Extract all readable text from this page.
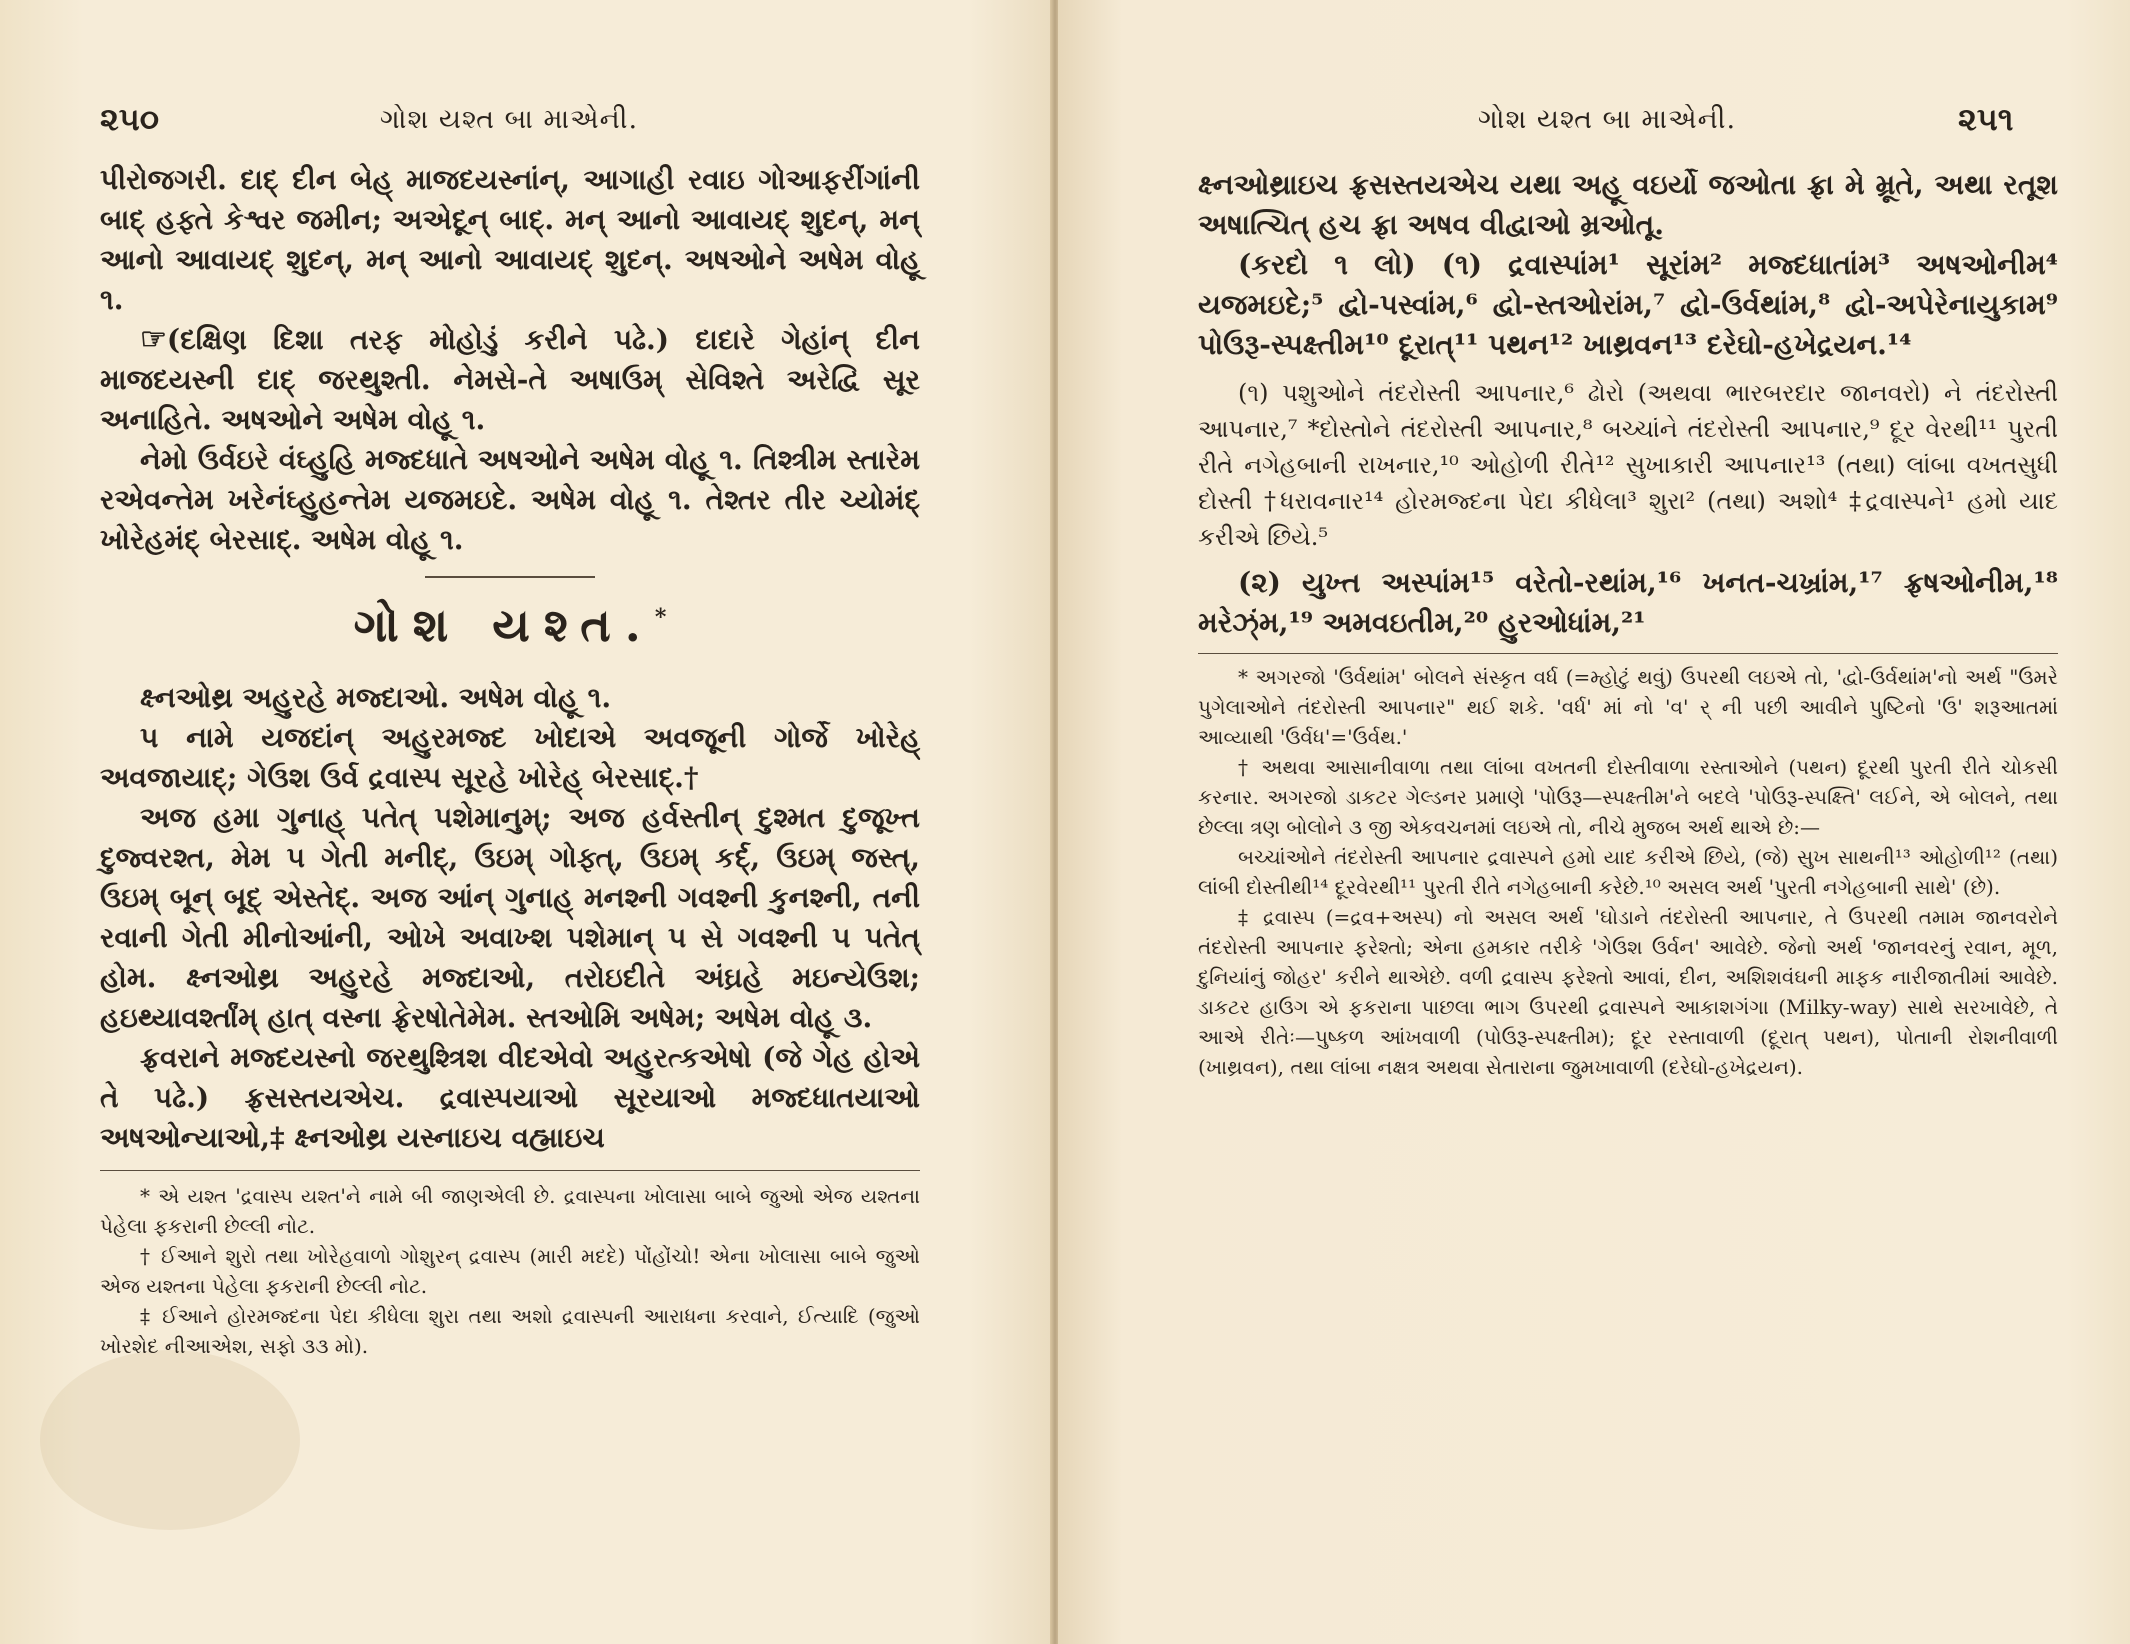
૨૫૦	ગોશ યશ્ત બા માએની.

પીરોજગરી. દાદ્ દીન બેહ્ માજદયસ્નાંન્, આગાહી રવાઇ ગોઆફરીંગાંની બાદ્ હફ્તે કેશ્વર જમીન; અએદૂન્ બાદ્. મન્ આનો આવાયદ્ શુદન્, મન્ આનો આવાયદ્ શુદન્, મન્ આનો આવાયદ્ શુદન્. અષઓને અષેમ વોહૂ ૧.

☞(દક્ષિણ દિશા તરફ મોહોડું કરીને પઢે.) દાદારે ગેહાંન્ દીન માજદયસ્ની દાદ્ જરથુશ્તી. નેમસે-તે અષાઉમ્ સેવિશ્તે અરેદ્વિ સૂર અનાહિતે. અષઓને અષેમ વોહૂ ૧.

નેમો ઉર્વઇરે વંઘ્હુહિ મજ્દધાતે અષઓને અષેમ વોહૂ ૧. તિશ્ત્રીમ સ્તારેમ રએવન્તેમ ખરેનંઘ્હુહન્તેમ યજમઇદે. અષેમ વોહૂ ૧. તેશ્તર તીર ચ્યોમંદ્ ખોરેહમંદ્ બેરસાદ્. અષેમ વોહૂ ૧.

ગોશ યશ્ત.*

ક્ષ્નઓથ્ર અહુરહે મજ્દાઓ. અષેમ વોહૂ ૧.

૫ નામે યજદાંન્ અહુરમજ્દ ખોદાએ અવજૂની ગોર્જે ખોરેહ્ અવજાયાદ્; ગેઉશ ઉર્વ દ્રવાસ્પ સૂરહે ખોરેહ્ બેરસાદ્.†

અજ હમા ગુનાહ્ પતેત્ પશેમાનુમ્; અજ હર્વસ્તીન્ દુશ્મત દુજૂખ્ત દુજ્વરશ્ત, મેમ ૫ ગેતી મનીદ્, ઉઇમ્ ગોફ્ત્, ઉઇમ્ કર્દ્, ઉઇમ્ જસ્ત્, ઉઇમ્ બૂન્ બૂદ્ એસ્તેદ્. અજ આંન્ ગુનાહ્ મનશ્ની ગવશ્ની કુનશ્ની, તની રવાની ગેતી મીનોઆંની, ઓખે અવાખ્શ પશેમાન્ ૫ સે ગવશ્ની ૫ પતેત્ હોમ. ક્ષ્નઓથ્ર અહુરહે મજ્દાઓ, તરોઇદીતે અંઘ્રહે મઇન્યેઉશ; હઇથ્યાવર્શ્તાંમ્ હાત્ વસ્ના ફ્રેરષોતેમેમ. સ્તઓમિ અષેમ; અષેમ વોહૂ ૩.

ફ્રવરાને મજ્દયસ્નો જરથુશ્ત્રિશ વીદએવો અહુરત્કએષો (જે ગેહ હોએ તે પઢે.) ફ્રસસ્તયએચ. દ્રવાસ્પયાઓ સૂરયાઓ મજ્દધાતયાઓ અષઓન્યાઓ,‡ ક્ષ્નઓથ્ર યસ્નાઇચ વહ્માઇચ

* એ યશ્ત 'દ્રવાસ્પ યશ્ત'ને નામે બી જાણએલી છે. દ્રવાસ્પના ખોલાસા બાબે જુઓ એજ યશ્તના પેહેલા ફકરાની છેલ્લી નોટ.

† ઈઆને શુરો તથા ખોરેહવાળો ગોશુરન્ દ્રવાસ્પ (મારી મદદે) પોંહોંચો! એના ખોલાસા બાબે જુઓ એજ યશ્તના પેહેલા ફકરાની છેલ્લી નોટ.

‡ ઈઆને હોરમજ્દના પેદા કીધેલા શુરા તથા અશો દ્રવાસ્પની આરાધના કરવાને, ઈત્યાદિ (જુઓ ખોરશેદ નીઆએશ, સફો ૩૩ મો).

ગોશ યશ્ત બા માએની.	૨૫૧

ક્ષ્નઓથ્રાઇચ ફ્રસસ્તયએચ યથા અહૂ વઇર્યો જઓતા ફ્રા મે મ્રૂતે, અથા રતૂશ અષાત્ચિત્ હચ ફ્રા અષવ વીદ્વાઓ મ્રઓતૂ.

(કરદો ૧ લો) (૧) દ્રવાસ્પાંમ¹ સૂરાંમ² મજ્દધાતાંમ³ અષઓનીમ⁴ યજમઇદે;⁵ દ્વો-પસ્વાંમ,⁶ દ્વો-સ્તઓરાંમ,⁷ દ્વો-ઉર્વથાંમ,⁸ દ્વો-અપેરેનાયુકામ⁹ પોઉરૂ-સ્પક્ષ્તીમ¹⁰ દૂરાત્¹¹ પથન¹² ખાથ્રવન¹³ દરેઘો-હખેદ્રયન.¹⁴

(૧) પશુઓને તંદરોસ્તી આપનાર,⁶ ઢોરો (અથવા ભારબરદાર જાનવરો) ને તંદરોસ્તી આપનાર,⁷ *દોસ્તોને તંદરોસ્તી આપનાર,⁸ બચ્ચાંને તંદરોસ્તી આપનાર,⁹ દૂર વેરથી¹¹ પુરતી રીતે નગેહબાની રાખનાર,¹⁰ ઓહોળી રીતે¹² સુખાકારી આપનાર¹³ (તથા) લાંબા વખતસુધી દોસ્તી †ધરાવનાર¹⁴ હોરમજ્દના પેદા કીધેલા³ શુરા² (તથા) અશો⁴ ‡દ્રવાસ્પને¹ હમો યાદ કરીએ છિયે.⁵

(૨) યુખ્ત અસ્પાંમ¹⁵ વરેતો-રથાંમ,¹⁶ ખનત-ચખ્રાંમ,¹⁷ ફ્રષઓનીમ,¹⁸ મરેઝ્ંમ,¹⁹ અમવઇતીમ,²⁰ હુરઓધાંમ,²¹

* અગરજો 'ઉર્વથાંમ' બોલને સંસ્કૃત વર્ધ (=મ્હોટું થવું) ઉપરથી લઇએ તો, 'દ્વો-ઉર્વથાંમ'નો અર્થ "ઉમરે પુગેલાઓને તંદરોસ્તી આપનાર" થઈ શકે. 'વર્ધ' માં નો 'વ' ર્ ની પછી આવીને પુષ્ટિનો 'ઉ' શરૂઆતમાં આવ્યાથી 'ઉર્વધ'='ઉર્વથ.'

† અથવા આસાનીવાળા તથા લાંબા વખતની દોસ્તીવાળા રસ્તાઓને (પથન) દૂરથી પુરતી રીતે ચોકસી કરનાર. અગરજો ડાકટર ગેલ્ડનર પ્રમાણે 'પોઉરૂ—સ્પક્ષ્તીમ'ને બદલે 'પોઉરૂ-સ્પક્ષ્તિ' લઈને, એ બોલને, તથા છેલ્લા ત્રણ બોલોને ૩ જી એકવચનમાં લઇએ તો, નીચે મુજબ અર્થ થાએ છે:—

બચ્ચાંઓને તંદરોસ્તી આપનાર દ્રવાસ્પને હમો યાદ કરીએ છિયે, (જે) સુખ સાથની¹³ ઓહોળી¹² (તથા) લાંબી દોસ્તીથી¹⁴ દૂરવેરથી¹¹ પુરતી રીતે નગેહબાની કરેછે.¹⁰ અસલ અર્થ 'પુરતી નગેહબાની સાથે' (છે).

‡ દ્રવાસ્પ (=દ્રવ+અસ્પ) નો અસલ અર્થ 'ઘોડાને તંદરોસ્તી આપનાર, તે ઉપરથી તમામ જાનવરોને તંદરોસ્તી આપનાર ફરેશ્તો; એના હમકાર તરીકે 'ગેઉશ ઉર્વન' આવેછે. જેનો અર્થ 'જાનવરનું રવાન, મૂળ, દુનિયાંનું જોહર' કરીને થાએછે. વળી દ્રવાસ્પ ફરેશ્તો આવાં, દીન, અશિશવંઘની માફક નારીજાતીમાં આવેછે. ડાકટર હાઉગ એ ફકરાના પાછલા ભાગ ઉપરથી દ્રવાસ્પને આકાશગંગા (Milky-way) સાથે સરખાવેછે, તે આએ રીતેઃ—પુષ્કળ આંખવાળી (પોઉરૂ-સ્પક્ષ્તીમ); દૂર રસ્તાવાળી (દૂરાત્ પથન), પોતાની રોશનીવાળી (ખાથ્રવન), તથા લાંબા નક્ષત્ર અથવા સેતારાના જુમખાવાળી (દરેઘો-હખેદ્રયન).
